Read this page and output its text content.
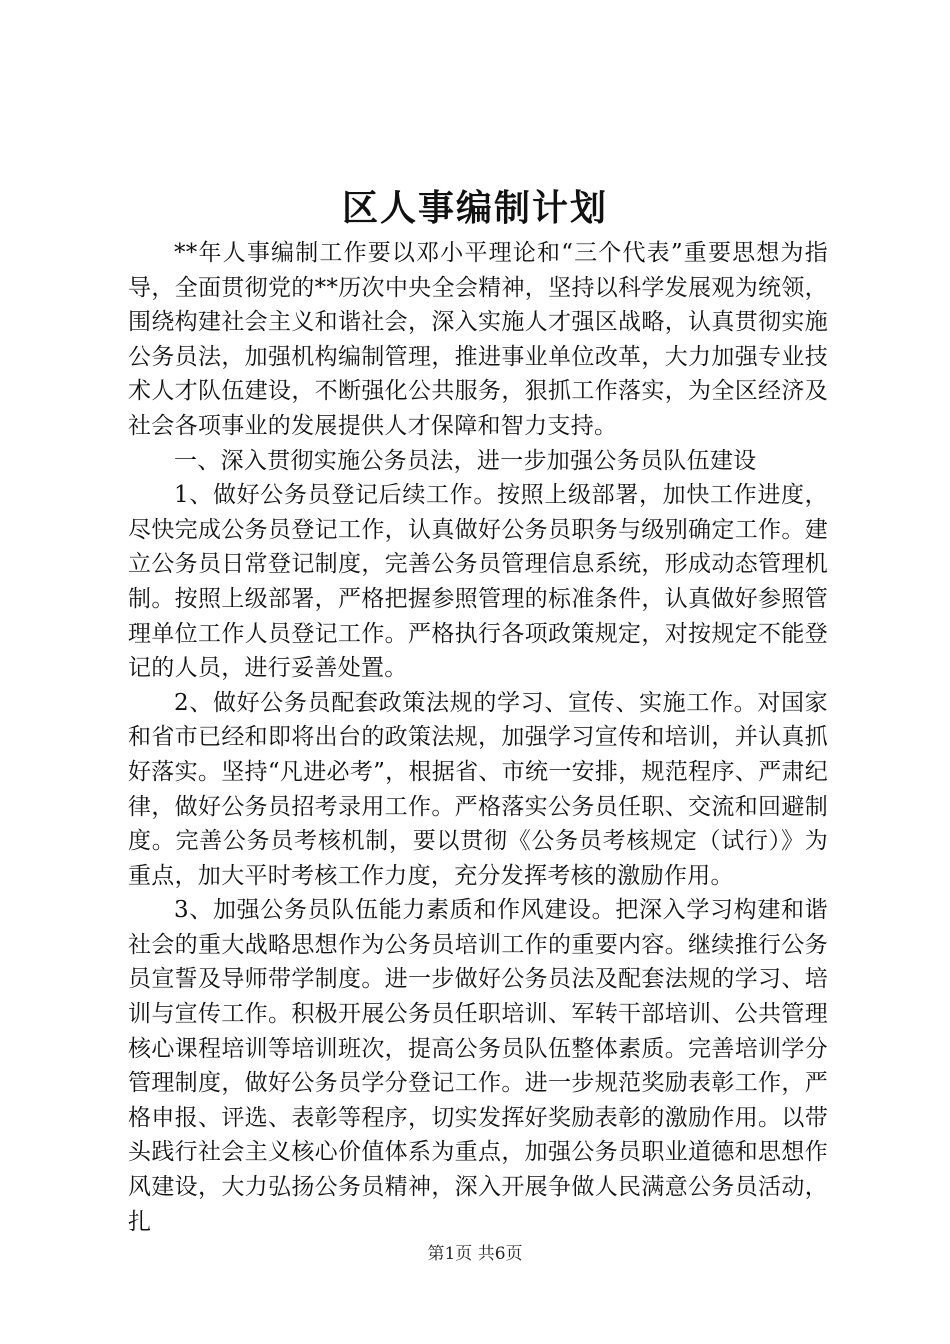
区人事编制计划

**年人事编制工作要以邓小平理论和“三个代表”重要思想为指导，全面贯彻党的**历次中央全会精神，坚持以科学发展观为统领，围绕构建社会主义和谐社会，深入实施人才强区战略，认真贯彻实施公务员法，加强机构编制管理，推进事业单位改革，大力加强专业技术人才队伍建设，不断强化公共服务，狠抓工作落实，为全区经济及社会各项事业的发展提供人才保障和智力支持。

一、深入贯彻实施公务员法，进一步加强公务员队伍建设

1、做好公务员登记后续工作。按照上级部署，加快工作进度，尽快完成公务员登记工作，认真做好公务员职务与级别确定工作。建立公务员日常登记制度，完善公务员管理信息系统，形成动态管理机制。按照上级部署，严格把握参照管理的标准条件，认真做好参照管理单位工作人员登记工作。严格执行各项政策规定，对按规定不能登记的人员，进行妥善处置。

2、做好公务员配套政策法规的学习、宣传、实施工作。对国家和省市已经和即将出台的政策法规，加强学习宣传和培训，并认真抓好落实。坚持“凡进必考”，根据省、市统一安排，规范程序、严肃纪律，做好公务员招考录用工作。严格落实公务员任职、交流和回避制度。完善公务员考核机制，要以贯彻《公务员考核规定（试行）》为重点，加大平时考核工作力度，充分发挥考核的激励作用。

3、加强公务员队伍能力素质和作风建设。把深入学习构建和谐社会的重大战略思想作为公务员培训工作的重要内容。继续推行公务员宣誓及导师带学制度。进一步做好公务员法及配套法规的学习、培训与宣传工作。积极开展公务员任职培训、军转干部培训、公共管理核心课程培训等培训班次，提高公务员队伍整体素质。完善培训学分管理制度，做好公务员学分登记工作。进一步规范奖励表彰工作，严格申报、评选、表彰等程序，切实发挥好奖励表彰的激励作用。以带头践行社会主义核心价值体系为重点，加强公务员职业道德和思想作风建设，大力弘扬公务员精神，深入开展争做人民满意公务员活动，扎

第1页 共6页
